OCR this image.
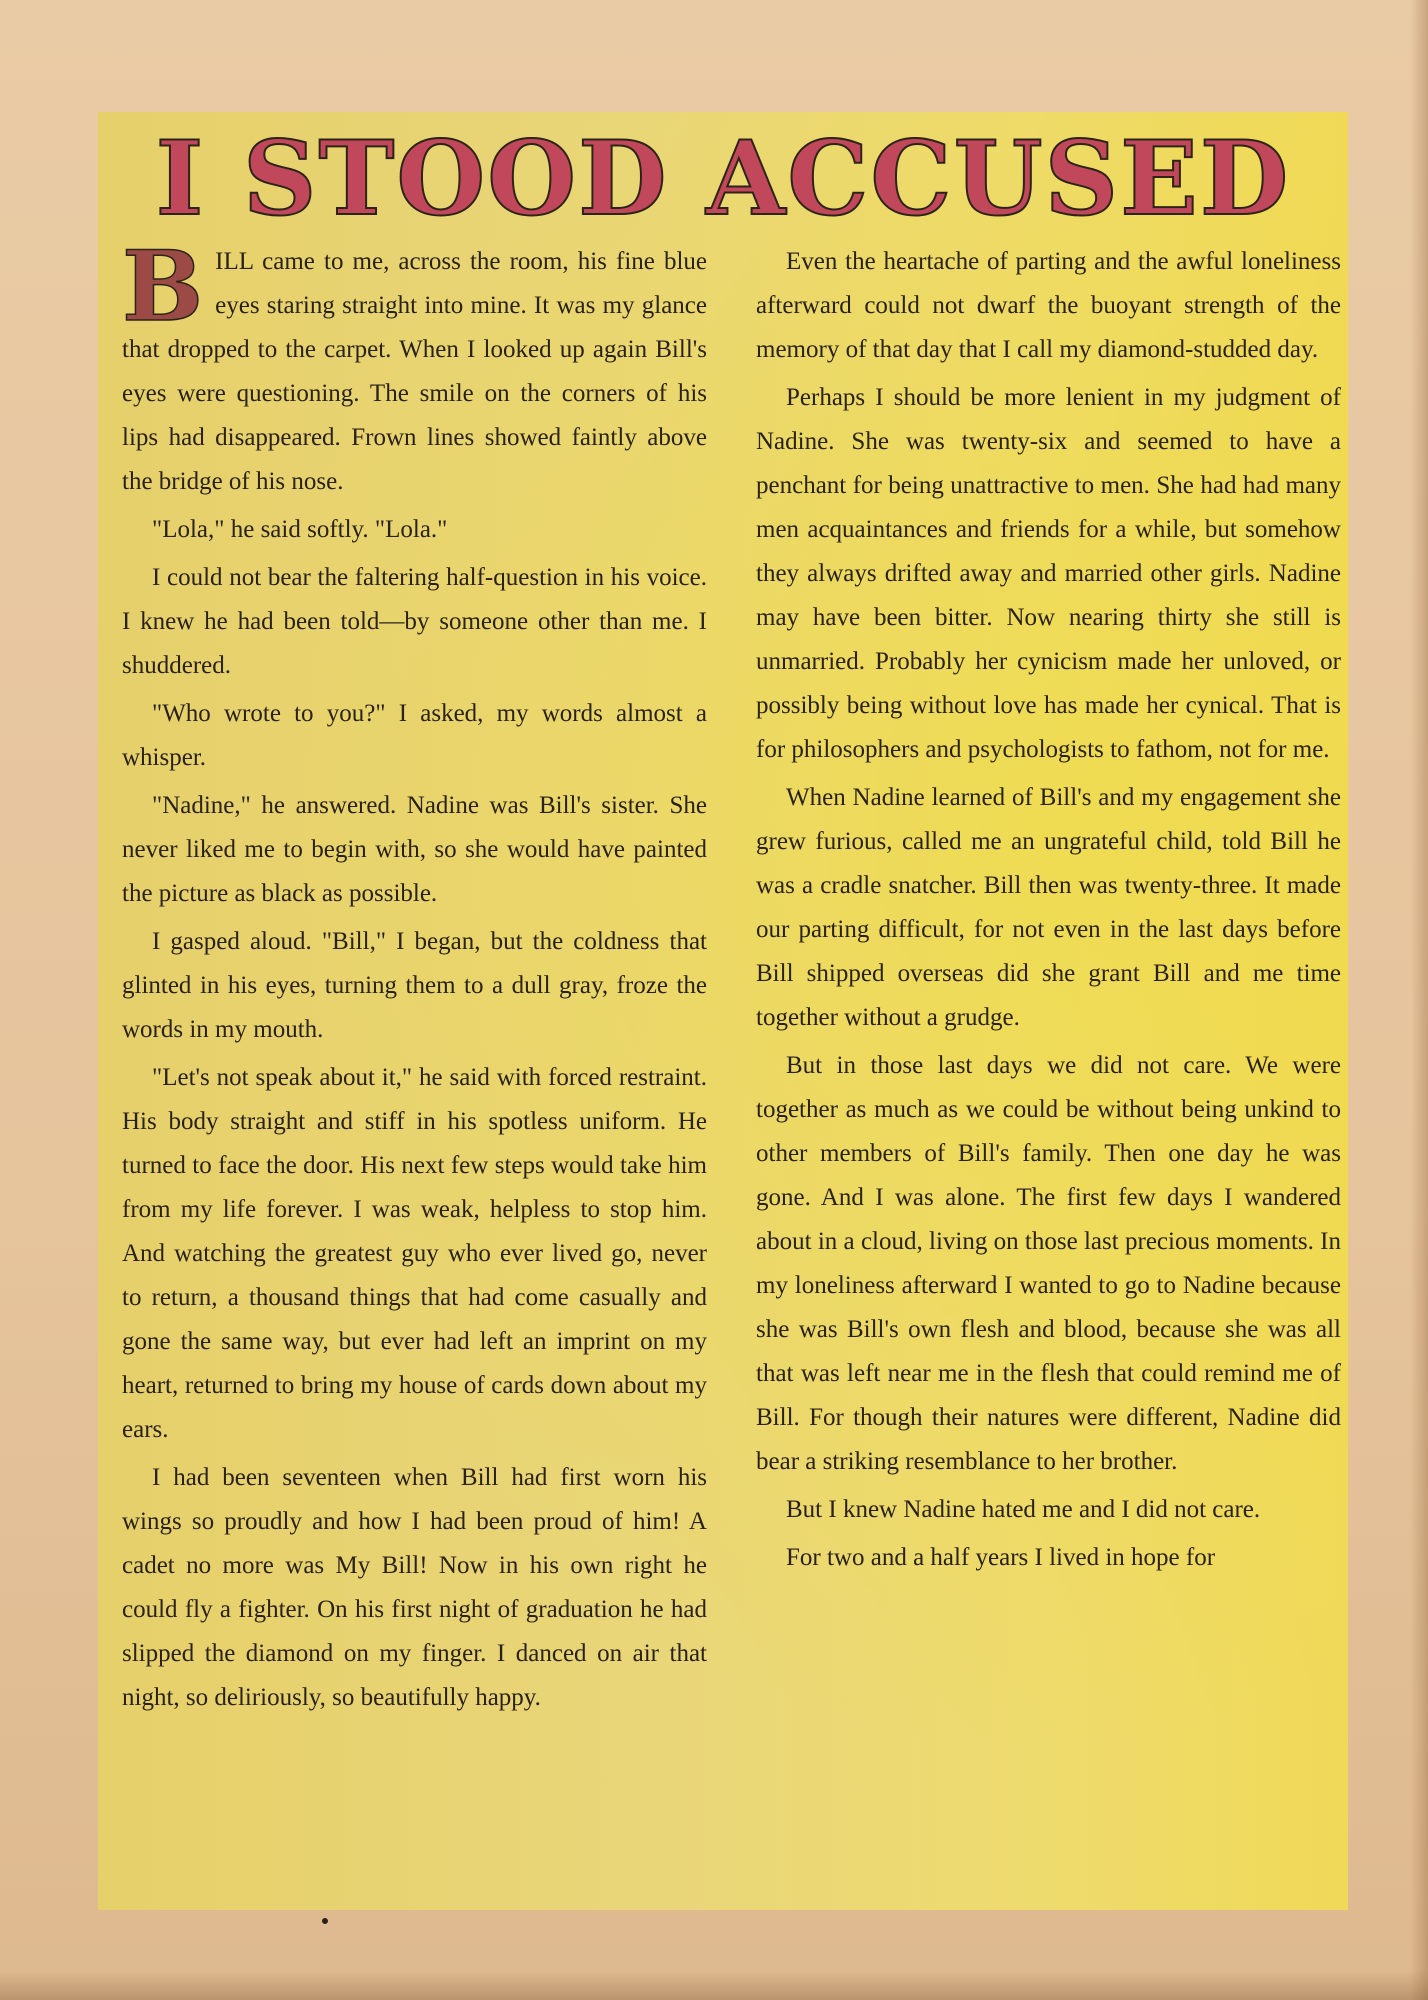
I STOOD ACCUSED

BILL came to me, across the room, his fine blue eyes staring straight into mine. It was my glance that dropped to the carpet. When I looked up again Bill's eyes were questioning. The smile on the corners of his lips had disappeared. Frown lines showed faintly above the bridge of his nose.

"Lola," he said softly. "Lola."

I could not bear the faltering half-question in his voice. I knew he had been told—by someone other than me. I shuddered.

"Who wrote to you?" I asked, my words almost a whisper.

"Nadine," he answered. Nadine was Bill's sister. She never liked me to begin with, so she would have painted the picture as black as possible.

I gasped aloud. "Bill," I began, but the coldness that glinted in his eyes, turning them to a dull gray, froze the words in my mouth.

"Let's not speak about it," he said with forced restraint. His body straight and stiff in his spotless uniform. He turned to face the door. His next few steps would take him from my life forever. I was weak, helpless to stop him. And watching the greatest guy who ever lived go, never to return, a thousand things that had come casually and gone the same way, but ever had left an imprint on my heart, returned to bring my house of cards down about my ears.

I had been seventeen when Bill had first worn his wings so proudly and how I had been proud of him! A cadet no more was My Bill! Now in his own right he could fly a fighter. On his first night of graduation he had slipped the diamond on my finger. I danced on air that night, so deliriously, so beautifully happy.

Even the heartache of parting and the awful loneliness afterward could not dwarf the buoyant strength of the memory of that day that I call my diamond-studded day.

Perhaps I should be more lenient in my judgment of Nadine. She was twenty-six and seemed to have a penchant for being unattractive to men. She had had many men acquaintances and friends for a while, but somehow they always drifted away and married other girls. Nadine may have been bitter. Now nearing thirty she still is unmarried. Probably her cynicism made her unloved, or possibly being without love has made her cynical. That is for philosophers and psychologists to fathom, not for me.

When Nadine learned of Bill's and my engagement she grew furious, called me an ungrateful child, told Bill he was a cradle snatcher. Bill then was twenty-three. It made our parting difficult, for not even in the last days before Bill shipped overseas did she grant Bill and me time together without a grudge.

But in those last days we did not care. We were together as much as we could be without being unkind to other members of Bill's family. Then one day he was gone. And I was alone. The first few days I wandered about in a cloud, living on those last precious moments. In my loneliness afterward I wanted to go to Nadine because she was Bill's own flesh and blood, because she was all that was left near me in the flesh that could remind me of Bill. For though their natures were different, Nadine did bear a striking resemblance to her brother.

But I knew Nadine hated me and I did not care.

For two and a half years I lived in hope for
